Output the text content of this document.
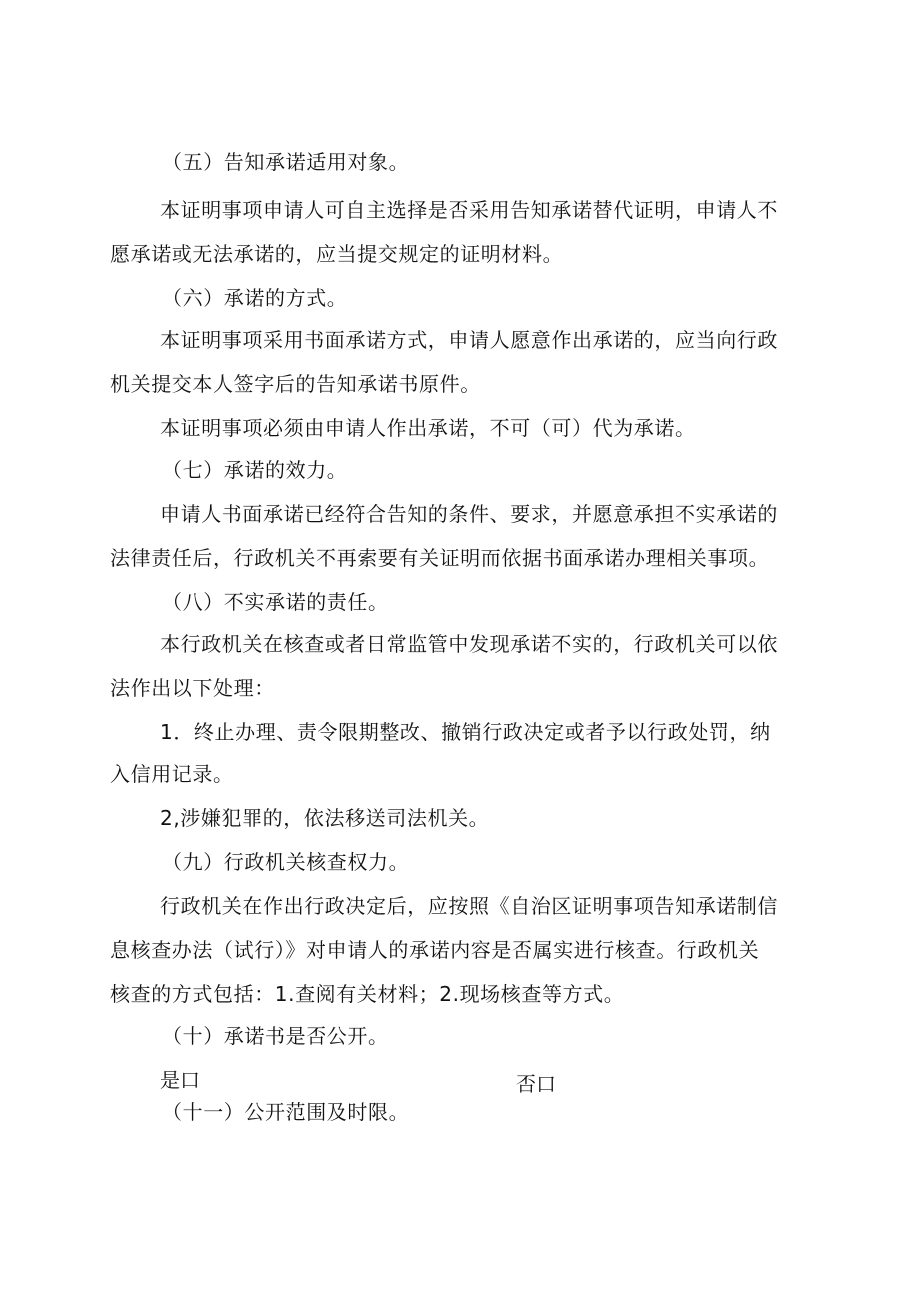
（五）告知承诺适用对象。
本证明事项申请人可自主选择是否采用告知承诺替代证明，申请人不
愿承诺或无法承诺的，应当提交规定的证明材料。
（六）承诺的方式。
本证明事项采用书面承诺方式，申请人愿意作出承诺的，应当向行政
机关提交本人签字后的告知承诺书原件。
本证明事项必须由申请人作出承诺，不可（可）代为承诺。
（七）承诺的效力。
申请人书面承诺已经符合告知的条件、要求，并愿意承担不实承诺的
法律责任后，行政机关不再索要有关证明而依据书面承诺办理相关事项。
（八）不实承诺的责任。
本行政机关在核查或者日常监管中发现承诺不实的，行政机关可以依
法作出以下处理：
1．终止办理、责令限期整改、撤销行政决定或者予以行政处罚，纳
入信用记录。
2,涉嫌犯罪的，依法移送司法机关。
（九）行政机关核查权力。
行政机关在作出行政决定后，应按照《自治区证明事项告知承诺制信
息核查办法（试行）》对申请人的承诺内容是否属实进行核查。行政机关
核查的方式包括：1.查阅有关材料；2.现场核查等方式。
（十）承诺书是否公开。
是口	否口
（十一）公开范围及时限。
